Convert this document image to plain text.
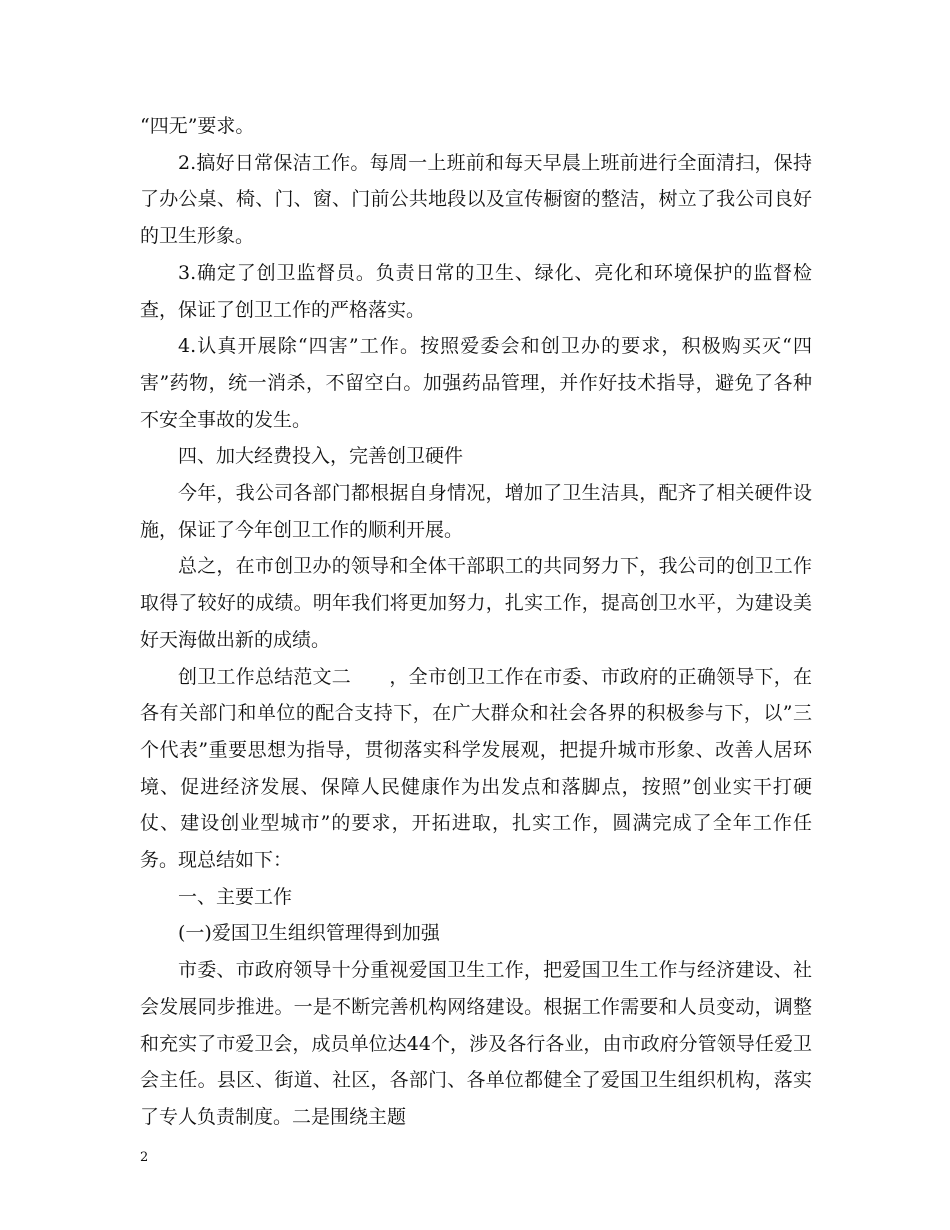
“四无”要求。

2.搞好日常保洁工作。每周一上班前和每天早晨上班前进行全面清扫，保持了办公桌、椅、门、窗、门前公共地段以及宣传橱窗的整洁，树立了我公司良好的卫生形象。

3.确定了创卫监督员。负责日常的卫生、绿化、亮化和环境保护的监督检查，保证了创卫工作的严格落实。

4.认真开展除“四害”工作。按照爱委会和创卫办的要求，积极购买灭“四害”药物，统一消杀，不留空白。加强药品管理，并作好技术指导，避免了各种不安全事故的发生。

四、加大经费投入，完善创卫硬件

今年，我公司各部门都根据自身情况，增加了卫生洁具，配齐了相关硬件设施，保证了今年创卫工作的顺利开展。

总之，在市创卫办的领导和全体干部职工的共同努力下，我公司的创卫工作取得了较好的成绩。明年我们将更加努力，扎实工作，提高创卫水平，为建设美好天海做出新的成绩。

创卫工作总结范文二　　，全市创卫工作在市委、市政府的正确领导下，在各有关部门和单位的配合支持下，在广大群众和社会各界的积极参与下，以”三个代表”重要思想为指导，贯彻落实科学发展观，把提升城市形象、改善人居环境、促进经济发展、保障人民健康作为出发点和落脚点，按照”创业实干打硬仗、建设创业型城市”的要求，开拓进取，扎实工作，圆满完成了全年工作任务。现总结如下：

一、主要工作

(一)爱国卫生组织管理得到加强

市委、市政府领导十分重视爱国卫生工作，把爱国卫生工作与经济建设、社会发展同步推进。一是不断完善机构网络建设。根据工作需要和人员变动，调整和充实了市爱卫会，成员单位达44个，涉及各行各业，由市政府分管领导任爱卫会主任。县区、街道、社区，各部门、各单位都健全了爱国卫生组织机构，落实了专人负责制度。二是围绕主题

2
